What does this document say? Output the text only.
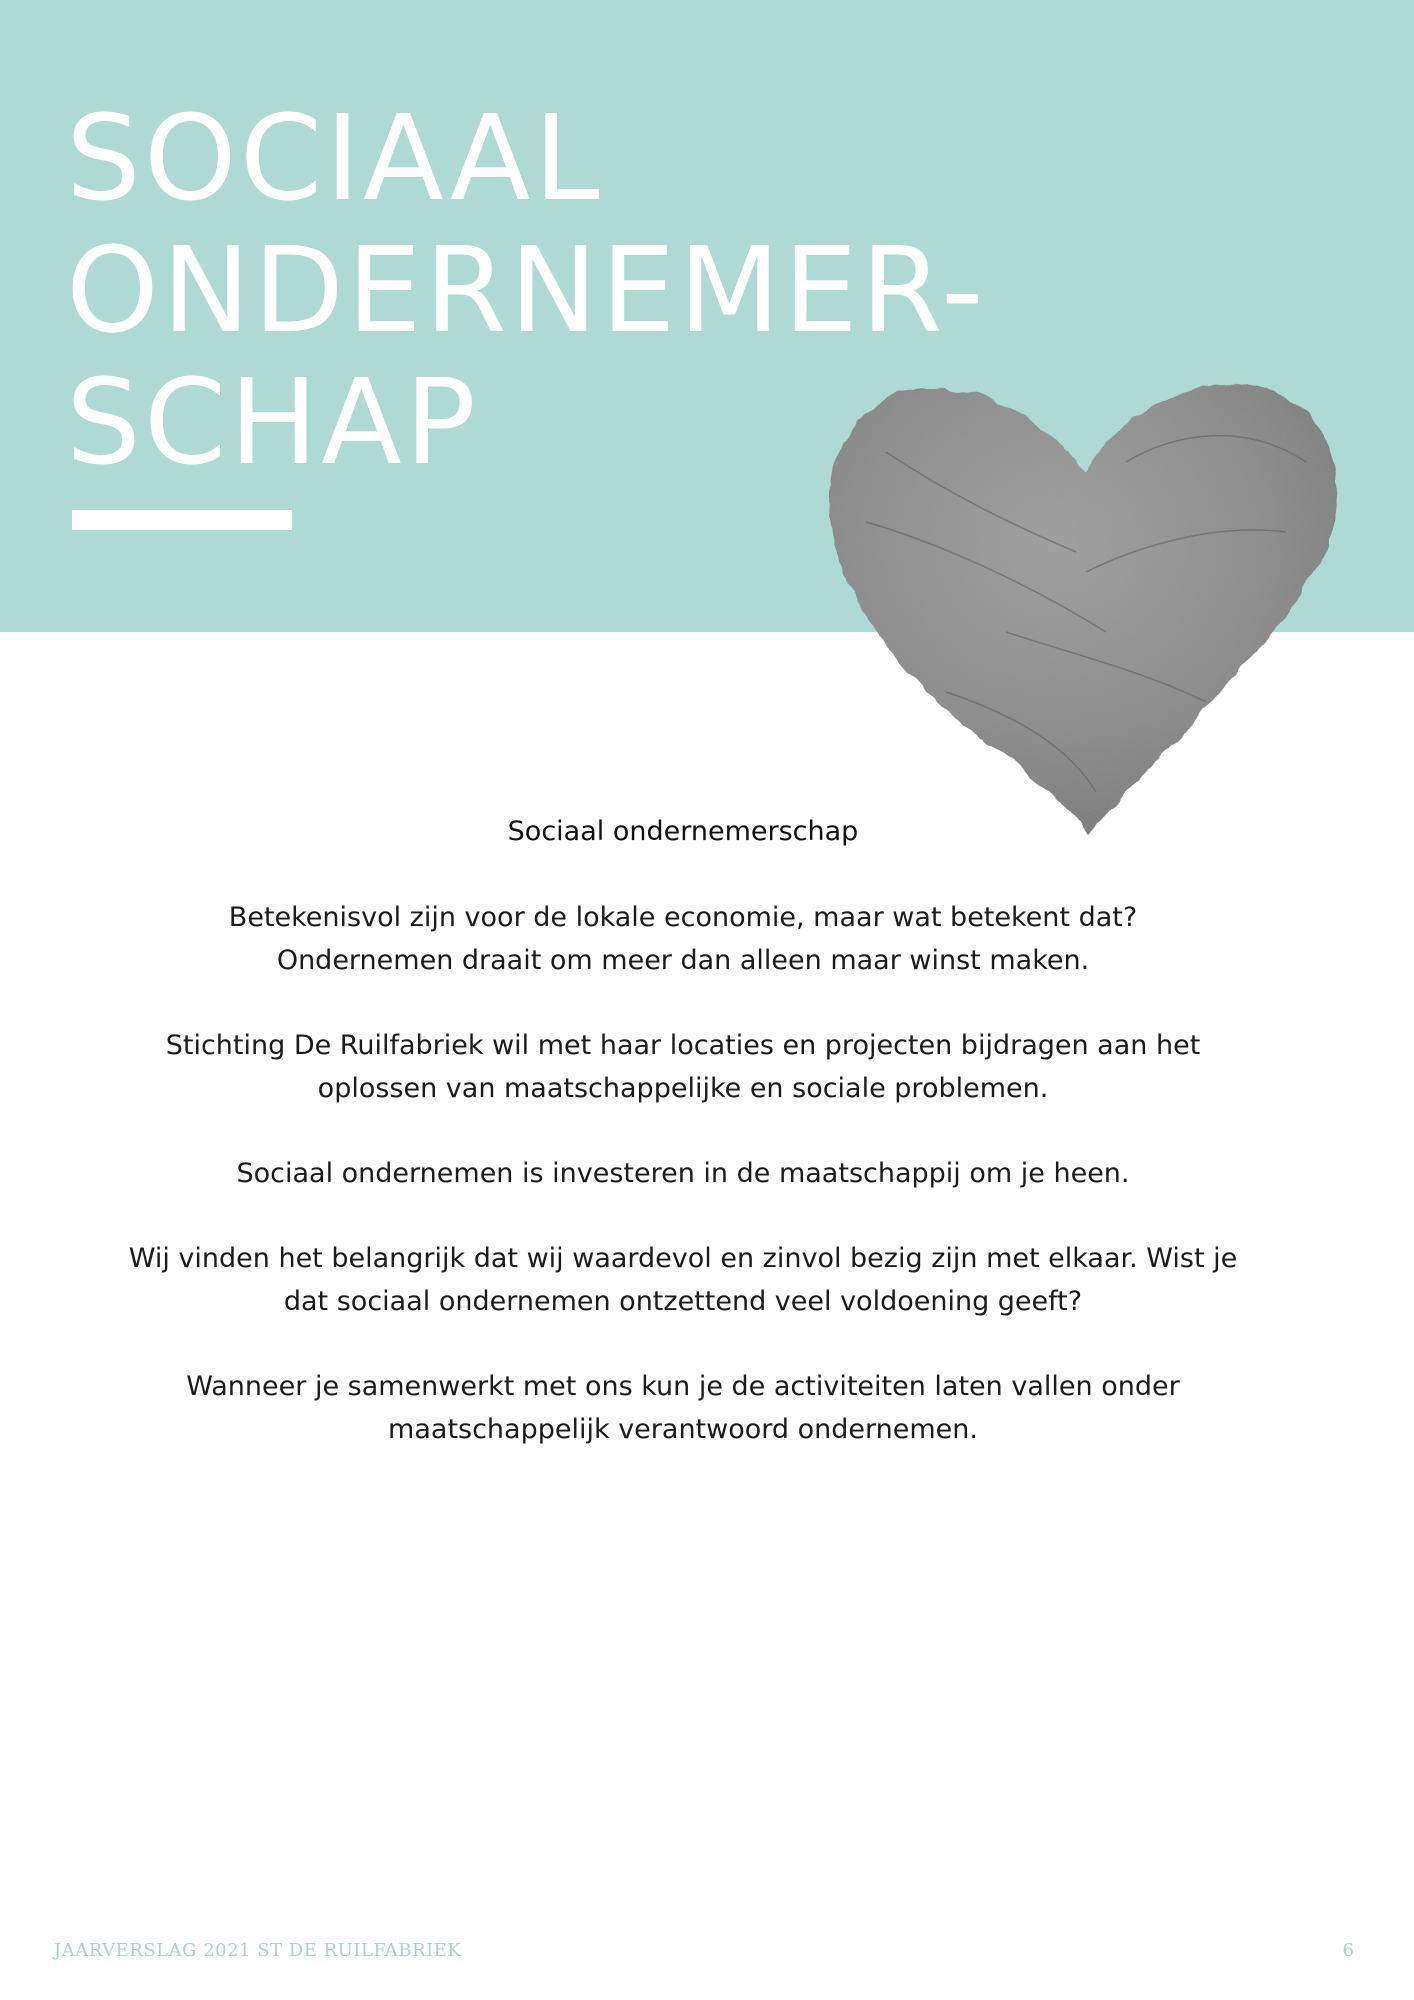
SOCIAAL
ONDERNEMER-
SCHAP
Sociaal ondernemerschap

Betekenisvol zijn voor de lokale economie, maar wat betekent dat?
Ondernemen draait om meer dan alleen maar winst maken.

Stichting De Ruilfabriek wil met haar locaties en projecten bijdragen aan het
oplossen van maatschappelijke en sociale problemen.

Sociaal ondernemen is investeren in de maatschappij om je heen.

Wij vinden het belangrijk dat wij waardevol en zinvol bezig zijn met elkaar. Wist je
dat sociaal ondernemen ontzettend veel voldoening geeft?

Wanneer je samenwerkt met ons kun je de activiteiten laten vallen onder
maatschappelijk verantwoord ondernemen.

JAARVERSLAG 2021 ST DE RUILFABRIEK	6
